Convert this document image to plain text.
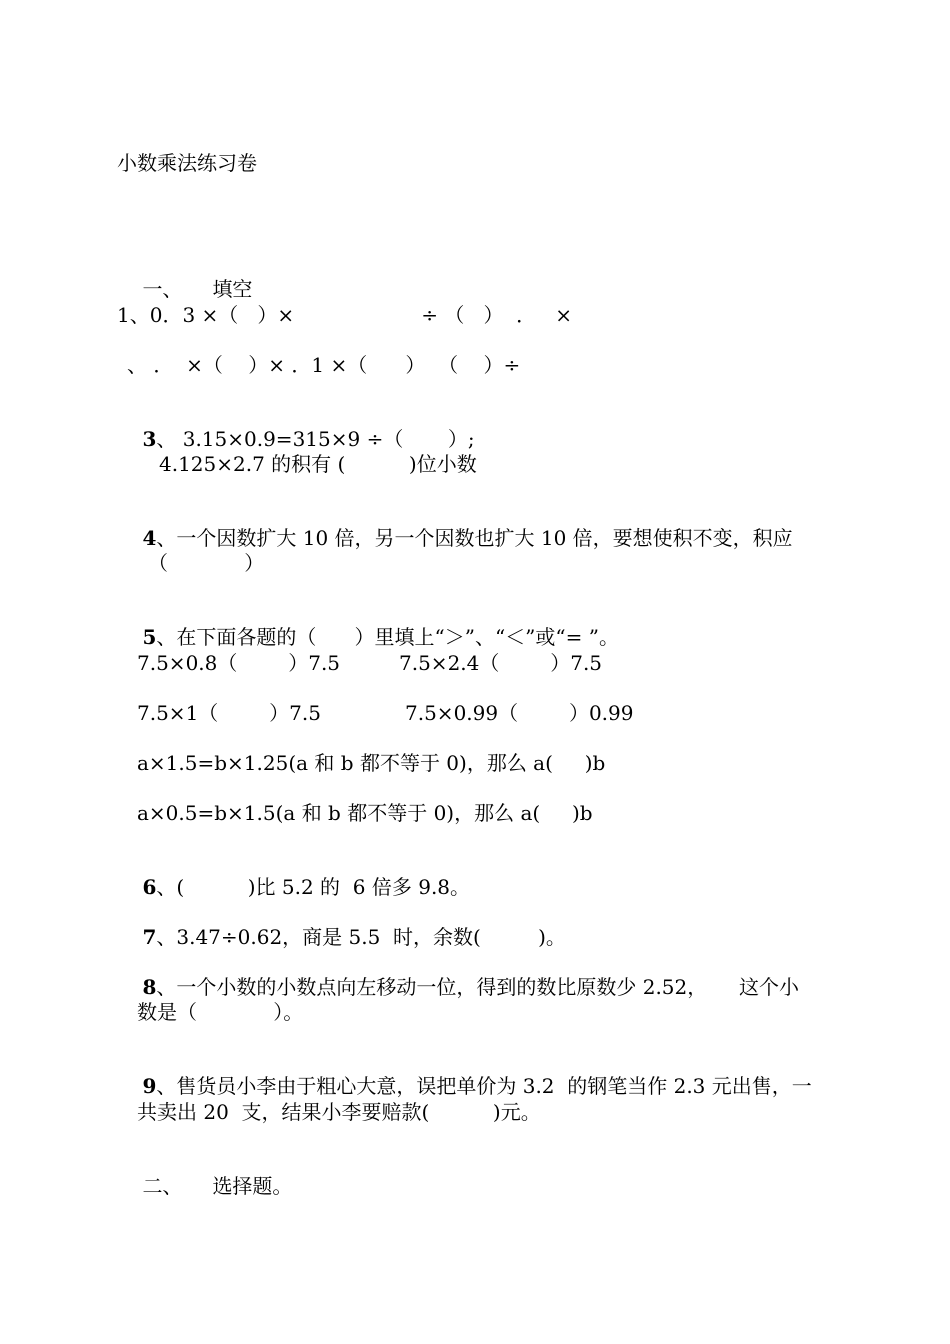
小数乘法练习卷

一、 填空

1、0．3 ×（   ）×                    ÷ （   ）  ．   ×
、 ．  ×（    ）× ．1 ×（      ）  （    ）÷

3、 3.15×0.9=315×9 ÷（       ）;

4.125×2.7 的积有 (          )位小数

4、一个因数扩大 10 倍，另一个因数也扩大 10 倍，要想使积不变，积应

（            ）

5、在下面各题的（      ）里填上“＞”、“＜”或“= ”。

7.5×0.8（        ）7.5	7.5×2.4（        ）7.5
7.5×1（        ）7.5	7.5×0.99（        ）0.99
a×1.5=b×1.25(a 和 b 都不等于 0)，那么 a(     )b
a×0.5=b×1.5(a 和 b 都不等于 0)，那么 a(     )b

6、(          )比 5.2 的  6 倍多 9.8。

7、3.47÷0.62，商是 5.5  时，余数(         )。

8、一个小数的小数点向左移动一位，得到的数比原数少 2.52，     这个小

数是（            ）。

9、售货员小李由于粗心大意，误把单价为 3.2  的钢笔当作 2.3 元出售，一

共卖出 20  支，结果小李要赔款(          )元。

二、 选择题。
